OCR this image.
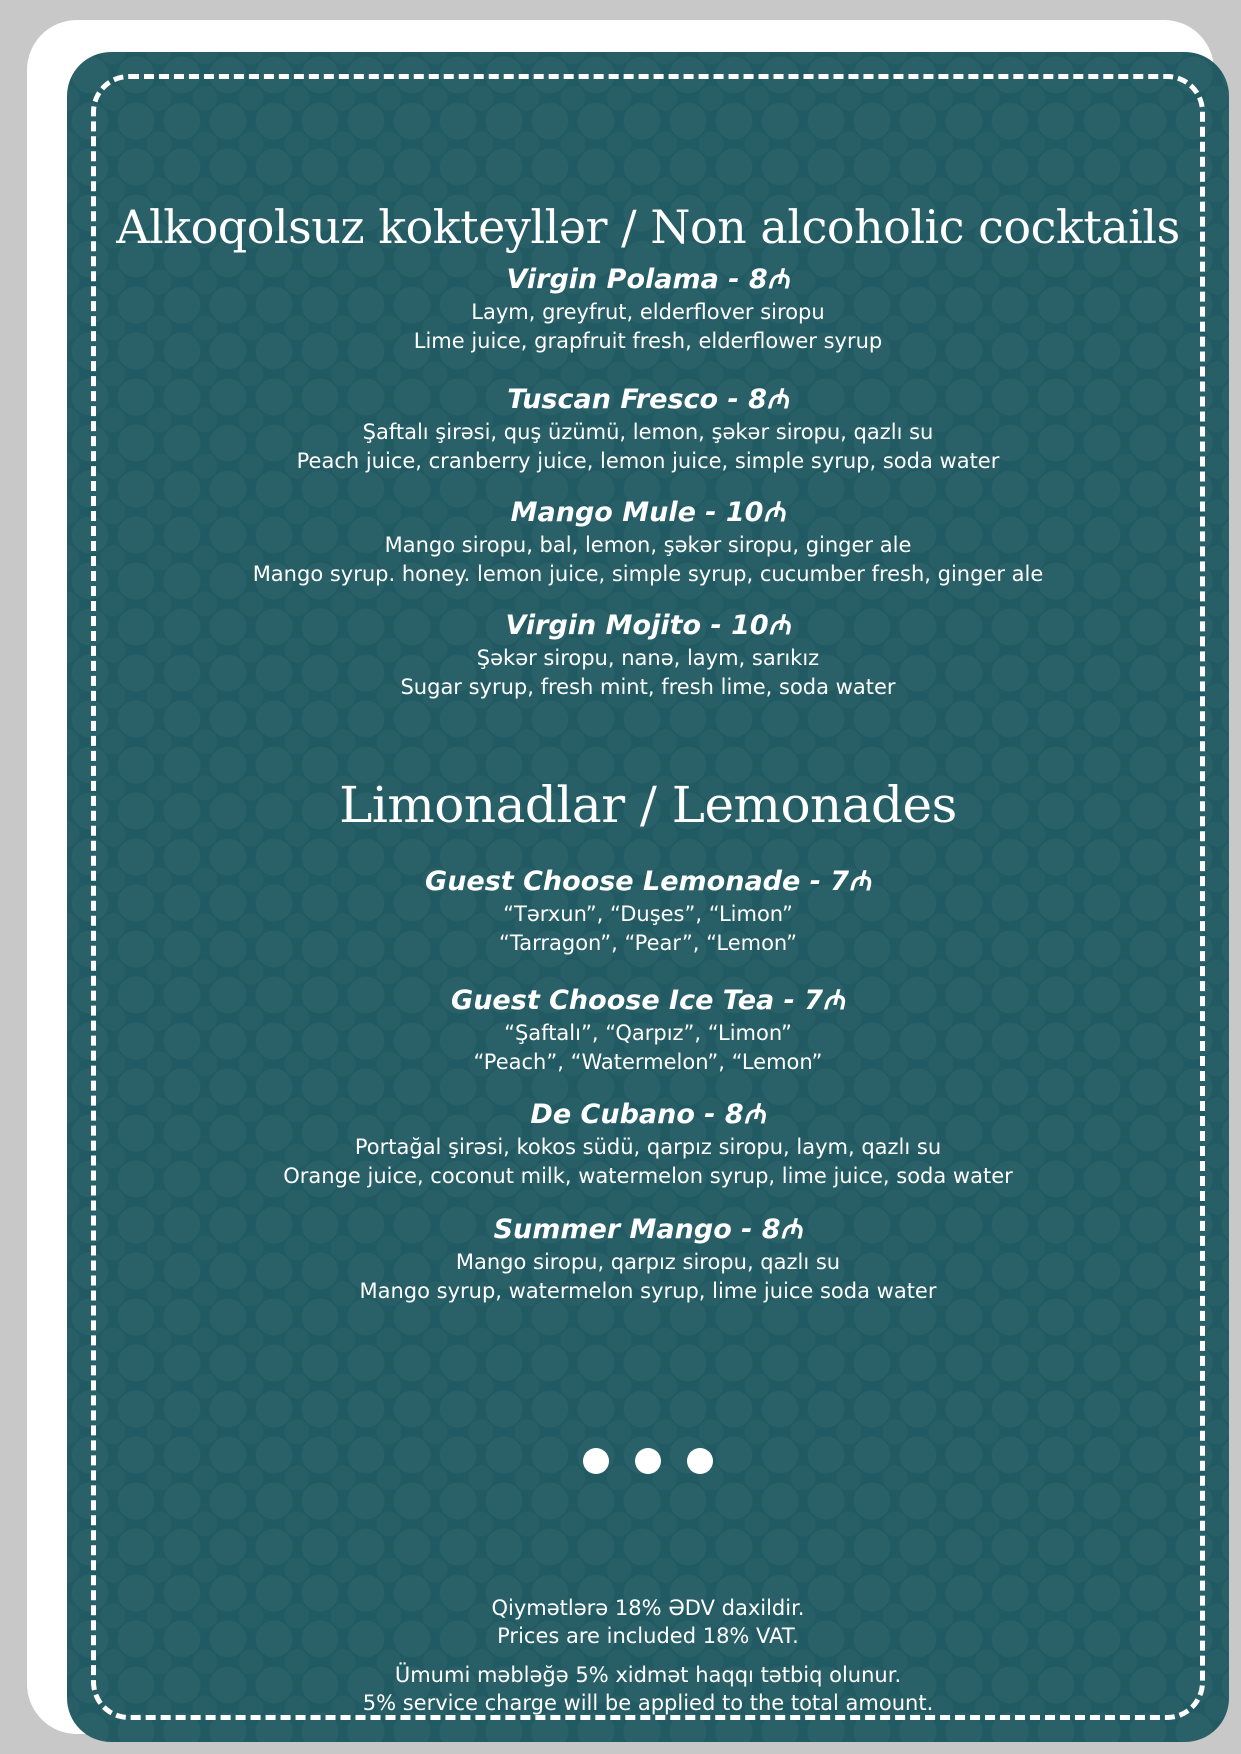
Alkoqolsuz kokteyllər / Non alcoholic cocktails
Virgin Polama - 8₼
Laym, greyfrut, elderflover siropu
Lime juice, grapfruit fresh, elderflower syrup
Tuscan Fresco - 8₼
Şaftalı şirəsi, quş üzümü, lemon, şəkər siropu, qazlı su
Peach juice, cranberry juice, lemon juice, simple syrup, soda water
Mango Mule - 10₼
Mango siropu, bal, lemon, şəkər siropu, ginger ale
Mango syrup. honey. lemon juice, simple syrup, cucumber fresh, ginger ale
Virgin Mojito - 10₼
Şəkər siropu, nanə, laym, sarıkız
Sugar syrup, fresh mint, fresh lime, soda water
Limonadlar / Lemonades
Guest Choose Lemonade - 7₼
“Tərxun”, “Duşes”, “Limon”
“Tarragon”, “Pear”, “Lemon”
Guest Choose Ice Tea - 7₼
“Şaftalı”, “Qarpız”, “Limon”
“Peach”, “Watermelon”, “Lemon”
De Cubano - 8₼
Portağal şirəsi, kokos südü, qarpız siropu, laym, qazlı su
Orange juice, coconut milk, watermelon syrup, lime juice, soda water
Summer Mango - 8₼
Mango siropu, qarpız siropu, qazlı su
Mango syrup, watermelon syrup, lime juice soda water
Qiymətlərə 18% ƏDV daxildir.
Prices are included 18% VAT.
Ümumi məbləğə 5% xidmət haqqı tətbiq olunur.
5% service charge will be applied to the total amount.
